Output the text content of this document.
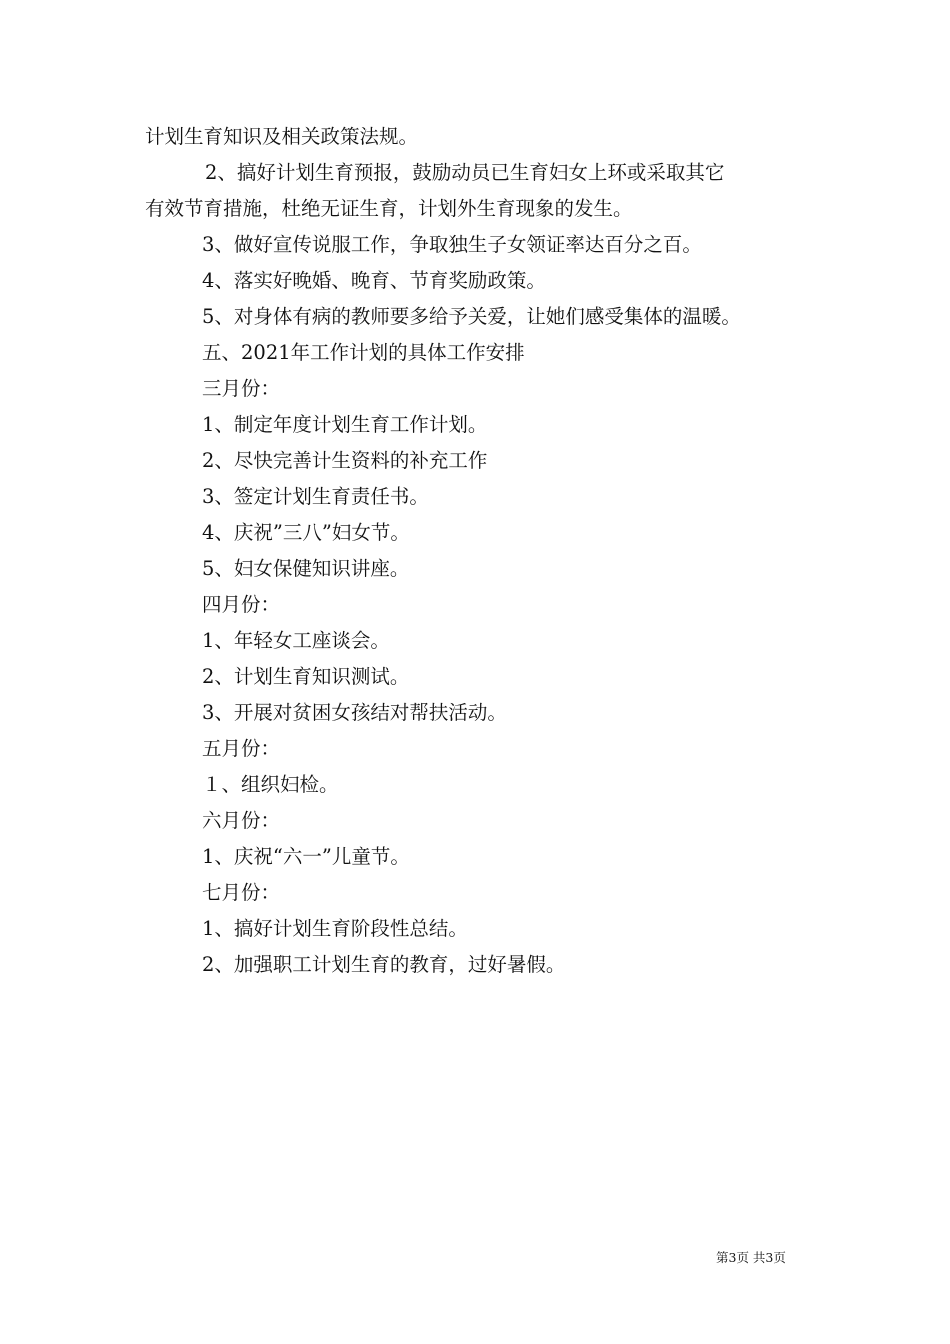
计划生育知识及相关政策法规。
2、搞好计划生育预报，鼓励动员已生育妇女上环或采取其它
有效节育措施，杜绝无证生育，计划外生育现象的发生。
3、做好宣传说服工作，争取独生子女领证率达百分之百。
4、落实好晚婚、晚育、节育奖励政策。
5、对身体有病的教师要多给予关爱，让她们感受集体的温暖。
五、2021年工作计划的具体工作安排
三月份：
1、制定年度计划生育工作计划。
2、尽快完善计生资料的补充工作
3、签定计划生育责任书。
4、庆祝”三八”妇女节。
5、妇女保健知识讲座。
四月份：
1、年轻女工座谈会。
2、计划生育知识测试。
3、开展对贫困女孩结对帮扶活动。
五月份：
１、组织妇检。
六月份：
1、庆祝“六一”儿童节。
七月份：
1、搞好计划生育阶段性总结。
2、加强职工计划生育的教育，过好暑假。
第3页 共3页
